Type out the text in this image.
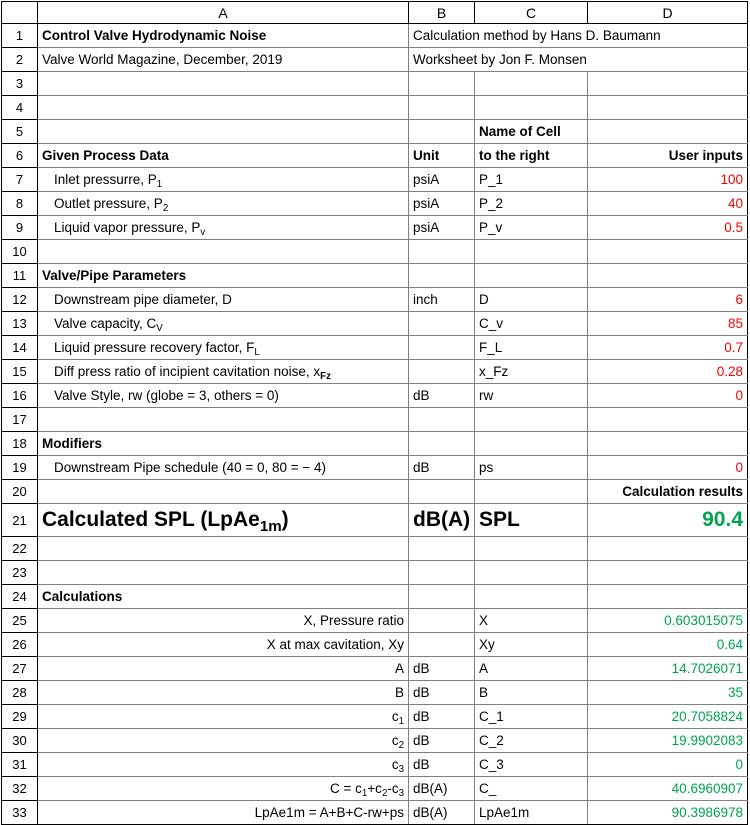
	A	B	C	D
1	Control Valve Hydrodynamic Noise	Calculation method by Hans D. Baumann		
2	Valve World Magazine, December, 2019	Worksheet by Jon F. Monsen		
3				
4				
5			Name of Cell	
6	Given Process Data	Unit	to the right	User inputs
7	Inlet pressurre, $P_1$	psiA	P_1	100
8	Outlet pressure, $P_2$	psiA	P_2	40
9	Liquid vapor pressure, $P_v$	psiA	P_v	0.5
10				
11	Valve/Pipe Parameters			
12	Downstream pipe diameter, D	inch	D	6
13	Valve capacity, $C_V$		C_v	85
14	Liquid pressure recovery factor, $F_L$		F_L	0.7
15	Diff press ratio of incipient cavitation noise, $x_{Fz}$		x_Fz	0.28
16	Valve Style, rw (globe = 3, others = 0)	dB	rw	0
17				
18	Modifiers			
19	Downstream Pipe schedule (40 = 0, 80 = − 4)	dB	ps	0
20				Calculation results
21	Calculated SPL (LpAe$_{1m}$)	dB(A)	SPL	90.4
22				
23				
24	Calculations			
25	X, Pressure ratio		X	0.603015075
26	X at max cavitation, Xy		Xy	0.64
27	A	dB	A	14.7026071
28	B	dB	B	35
29	$c_1$	dB	C_1	20.7058824
30	$c_2$	dB	C_2	19.9902083
31	$c_3$	dB	C_3	0
32	$C = c_1+c_2-c_3$	dB(A)	C_	40.6960907
33	LpAe1m = A+B+C-rw+ps	dB(A)	LpAe1m	90.3986978
